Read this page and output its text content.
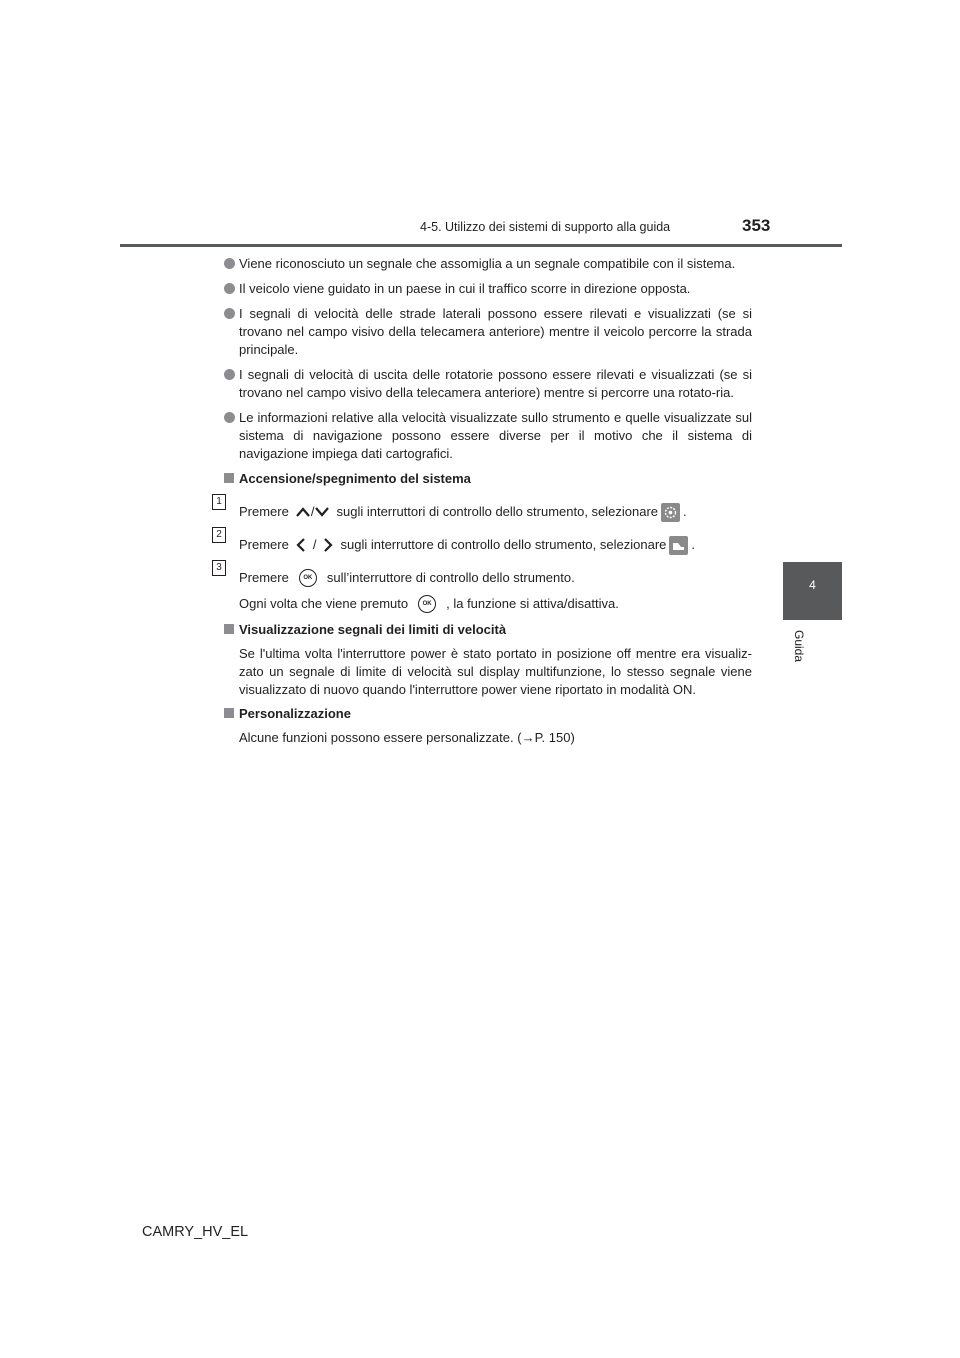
4-5. Utilizzo dei sistemi di supporto alla guida	353
4
Guida
Viene riconosciuto un segnale che assomiglia a un segnale compatibile con il sistema.
Il veicolo viene guidato in un paese in cui il traffico scorre in direzione opposta.
I segnali di velocità delle strade laterali possono essere rilevati e visualizzati (se si trovano nel campo visivo della telecamera anteriore) mentre il veicolo percorre la strada principale.
I segnali di velocità di uscita delle rotatorie possono essere rilevati e visualizzati (se si trovano nel campo visivo della telecamera anteriore) mentre si percorre una rotato-ria.
Le informazioni relative alla velocità visualizzate sullo strumento e quelle visualizzate sul sistema di navigazione possono essere diverse per il motivo che il sistema di navigazione impiega dati cartografici.
Accensione/spegnimento del sistema
1
Premere / sugli interruttori di controllo dello strumento, selezionare .
2
Premere / sugli interruttore di controllo dello strumento, selezionare .
3
Premere	OK	sull’interruttore di controllo dello strumento.
Ogni volta che viene premuto	OK	, la funzione si attiva/disattiva.
Visualizzazione segnali dei limiti di velocità
Se l'ultima volta l'interruttore power è stato portato in posizione off mentre era visualiz-zato un segnale di limite di velocità sul display multifunzione, lo stesso segnale viene visualizzato di nuovo quando l'interruttore power viene riportato in modalità ON.
Personalizzazione
Alcune funzioni possono essere personalizzate. (→P. 150)
CAMRY_HV_EL
